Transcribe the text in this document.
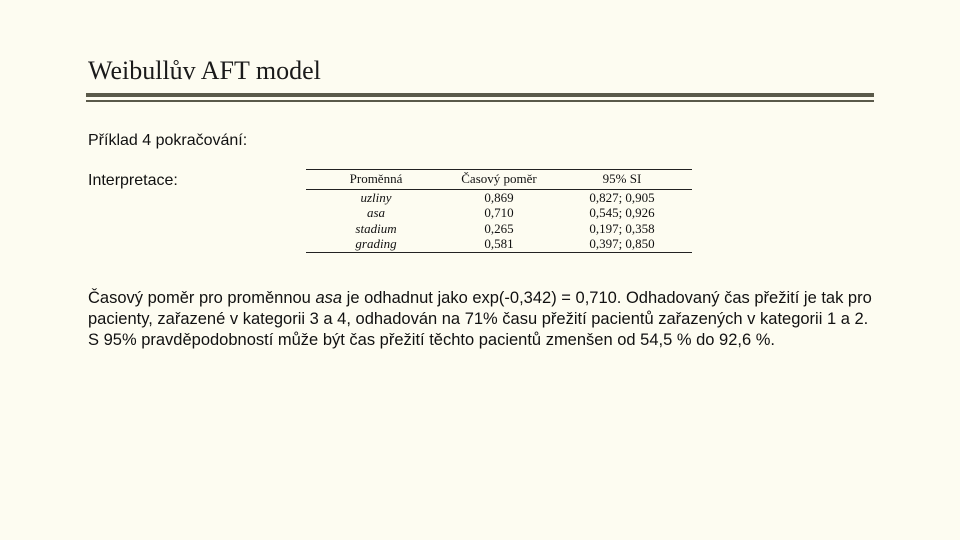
Weibullův AFT model
Příklad 4 pokračování:
Interpretace:	Proměnná	Časový poměr	95% SI
uzliny	0,869	0,827; 0,905
asa	0,710	0,545; 0,926
stadium	0,265	0,197; 0,358
grading	0,581	0,397; 0,850
Časový poměr pro proměnnou asa je odhadnut jako exp(-0,342) = 0,710. Odhadovaný čas přežití je tak pro pacienty, zařazené v kategorii 3 a 4, odhadován na 71% času přežití pacientů zařazených v kategorii 1 a 2. S 95% pravděpodobností může být čas přežití těchto pacientů zmenšen od 54,5 % do 92,6 %.
